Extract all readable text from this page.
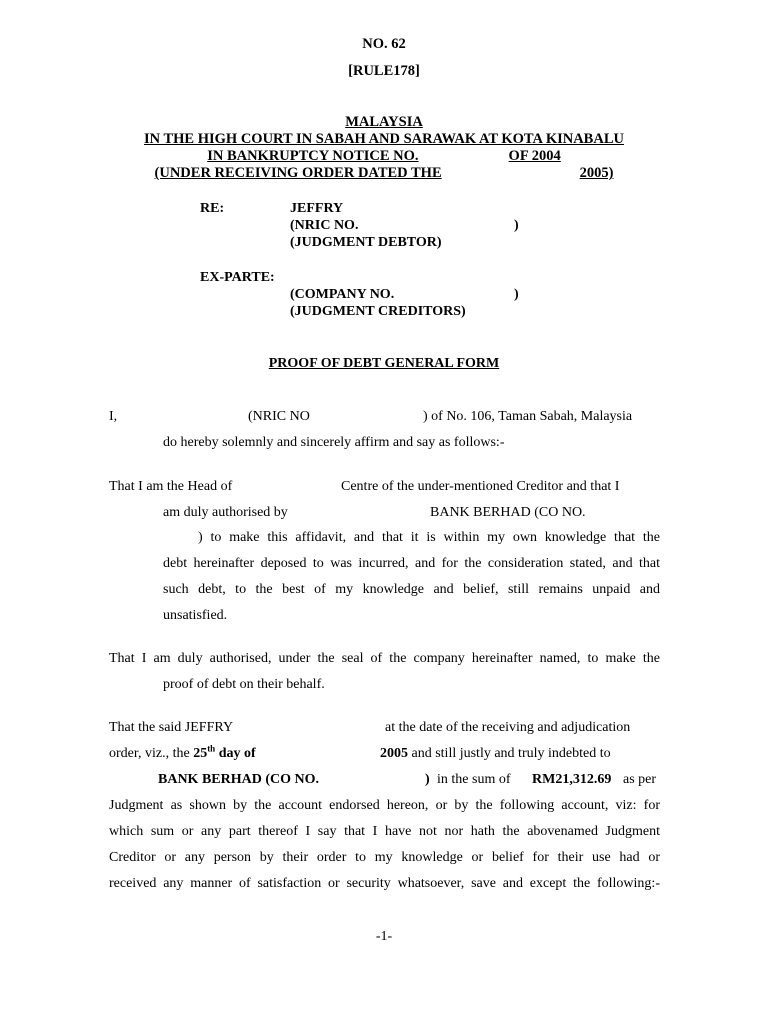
NO. 62
[RULE178]
MALAYSIA
IN THE HIGH COURT IN SABAH AND SARAWAK AT KOTA KINABALU
IN BANKRUPTCY NOTICE NO.	OF 2004
(UNDER RECEIVING ORDER DATED THE	2005)
RE:	JEFFRY
(NRIC NO.	)
(JUDGMENT DEBTOR)
EX-PARTE:
(COMPANY NO.	)
(JUDGMENT CREDITORS)
PROOF OF DEBT GENERAL FORM
I,	(NRIC NO	) of No. 106, Taman Sabah, Malaysia
do hereby solemnly and sincerely affirm and say as follows:-
That I am the Head of	Centre of the under-mentioned Creditor and that I
am duly authorised by	BANK BERHAD (CO NO.
) to make this affidavit, and that it is within my own knowledge that the
debt hereinafter deposed to was incurred, and for the consideration stated, and that
such debt, to the best of my knowledge and belief, still remains unpaid and
unsatisfied.
That I am duly authorised, under the seal of the company hereinafter named, to make the
proof of debt on their behalf.
That the said JEFFRY	at the date of the receiving and adjudication
order, viz., the 25th day of	2005 and still justly and truly indebted to
BANK BERHAD (CO NO.	) in the sum of RM21,312.69 as per
Judgment as shown by the account endorsed hereon, or by the following account, viz: for
which sum or any part thereof I say that I have not nor hath the abovenamed Judgment
Creditor or any person by their order to my knowledge or belief for their use had or
received any manner of satisfaction or security whatsoever, save and except the following:-
-1-
